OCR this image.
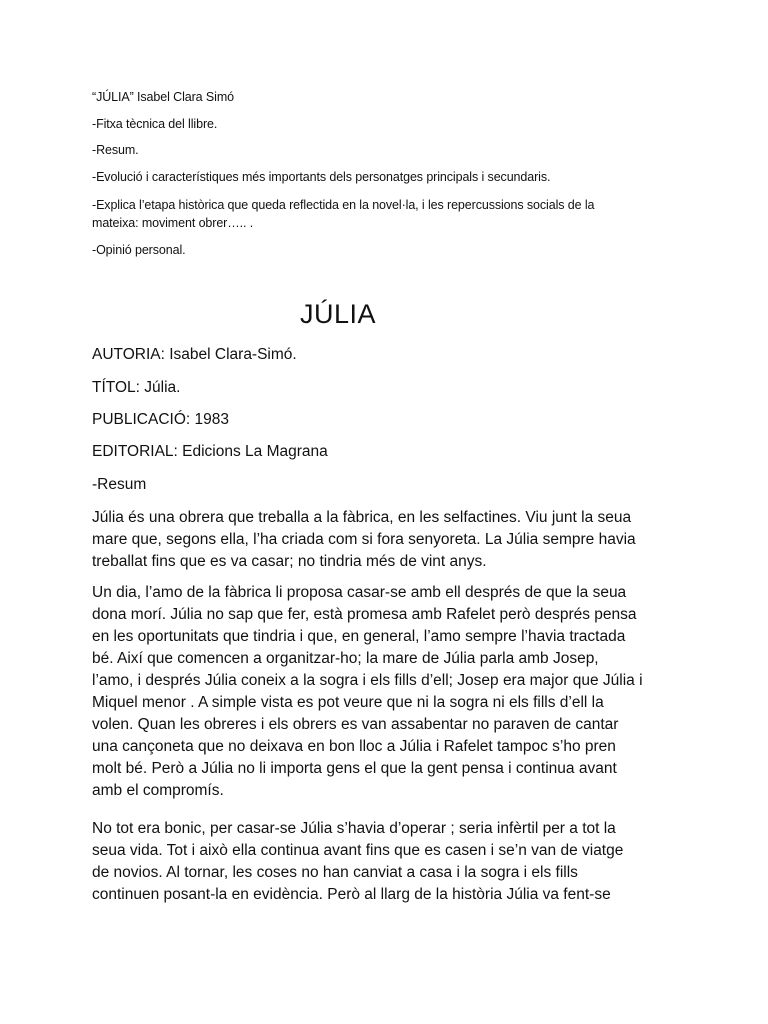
“JÚLIA” Isabel Clara Simó

-Fitxa tècnica del llibre.

-Resum.

-Evolució i característiques més importants dels personatges principals i secundaris.

-Explica l’etapa històrica que queda reflectida en la novel·la, i les repercussions socials de la

mateixa: moviment obrer….. .

-Opinió personal.

JÚLIA

AUTORIA: Isabel Clara-Simó.

TÍTOL: Júlia.

PUBLICACIÓ: 1983

EDITORIAL: Edicions La Magrana

-Resum

Júlia és una obrera que treballa a la fàbrica, en les selfactines. Viu junt la seua
mare que, segons ella, l’ha criada com si fora senyoreta. La Júlia sempre havia
treballat fins que es va casar; no tindria més de vint anys.
Un dia, l’amo de la fàbrica li proposa casar-se amb ell després de que la seua
dona morí. Júlia no sap que fer, està promesa amb Rafelet però després pensa
en les oportunitats que tindria i que, en general, l’amo sempre l’havia tractada
bé. Així que comencen a organitzar-ho; la mare de Júlia parla amb Josep,
l’amo, i després Júlia coneix a la sogra i els fills d’ell; Josep era major que Júlia i
Miquel menor . A simple vista es pot veure que ni la sogra ni els fills d’ell la
volen. Quan les obreres i els obrers es van assabentar no paraven de cantar
una cançoneta que no deixava en bon lloc a Júlia i Rafelet tampoc s’ho pren
molt bé. Però a Júlia no li importa gens el que la gent pensa i continua avant
amb el compromís.
No tot era bonic, per casar-se Júlia s’havia d’operar ; seria infèrtil per a tot la
seua vida. Tot i això ella continua avant fins que es casen i se’n van de viatge
de novios. Al tornar, les coses no han canviat a casa i la sogra i els fills
continuen posant-la en evidència. Però al llarg de la història Júlia va fent-se
